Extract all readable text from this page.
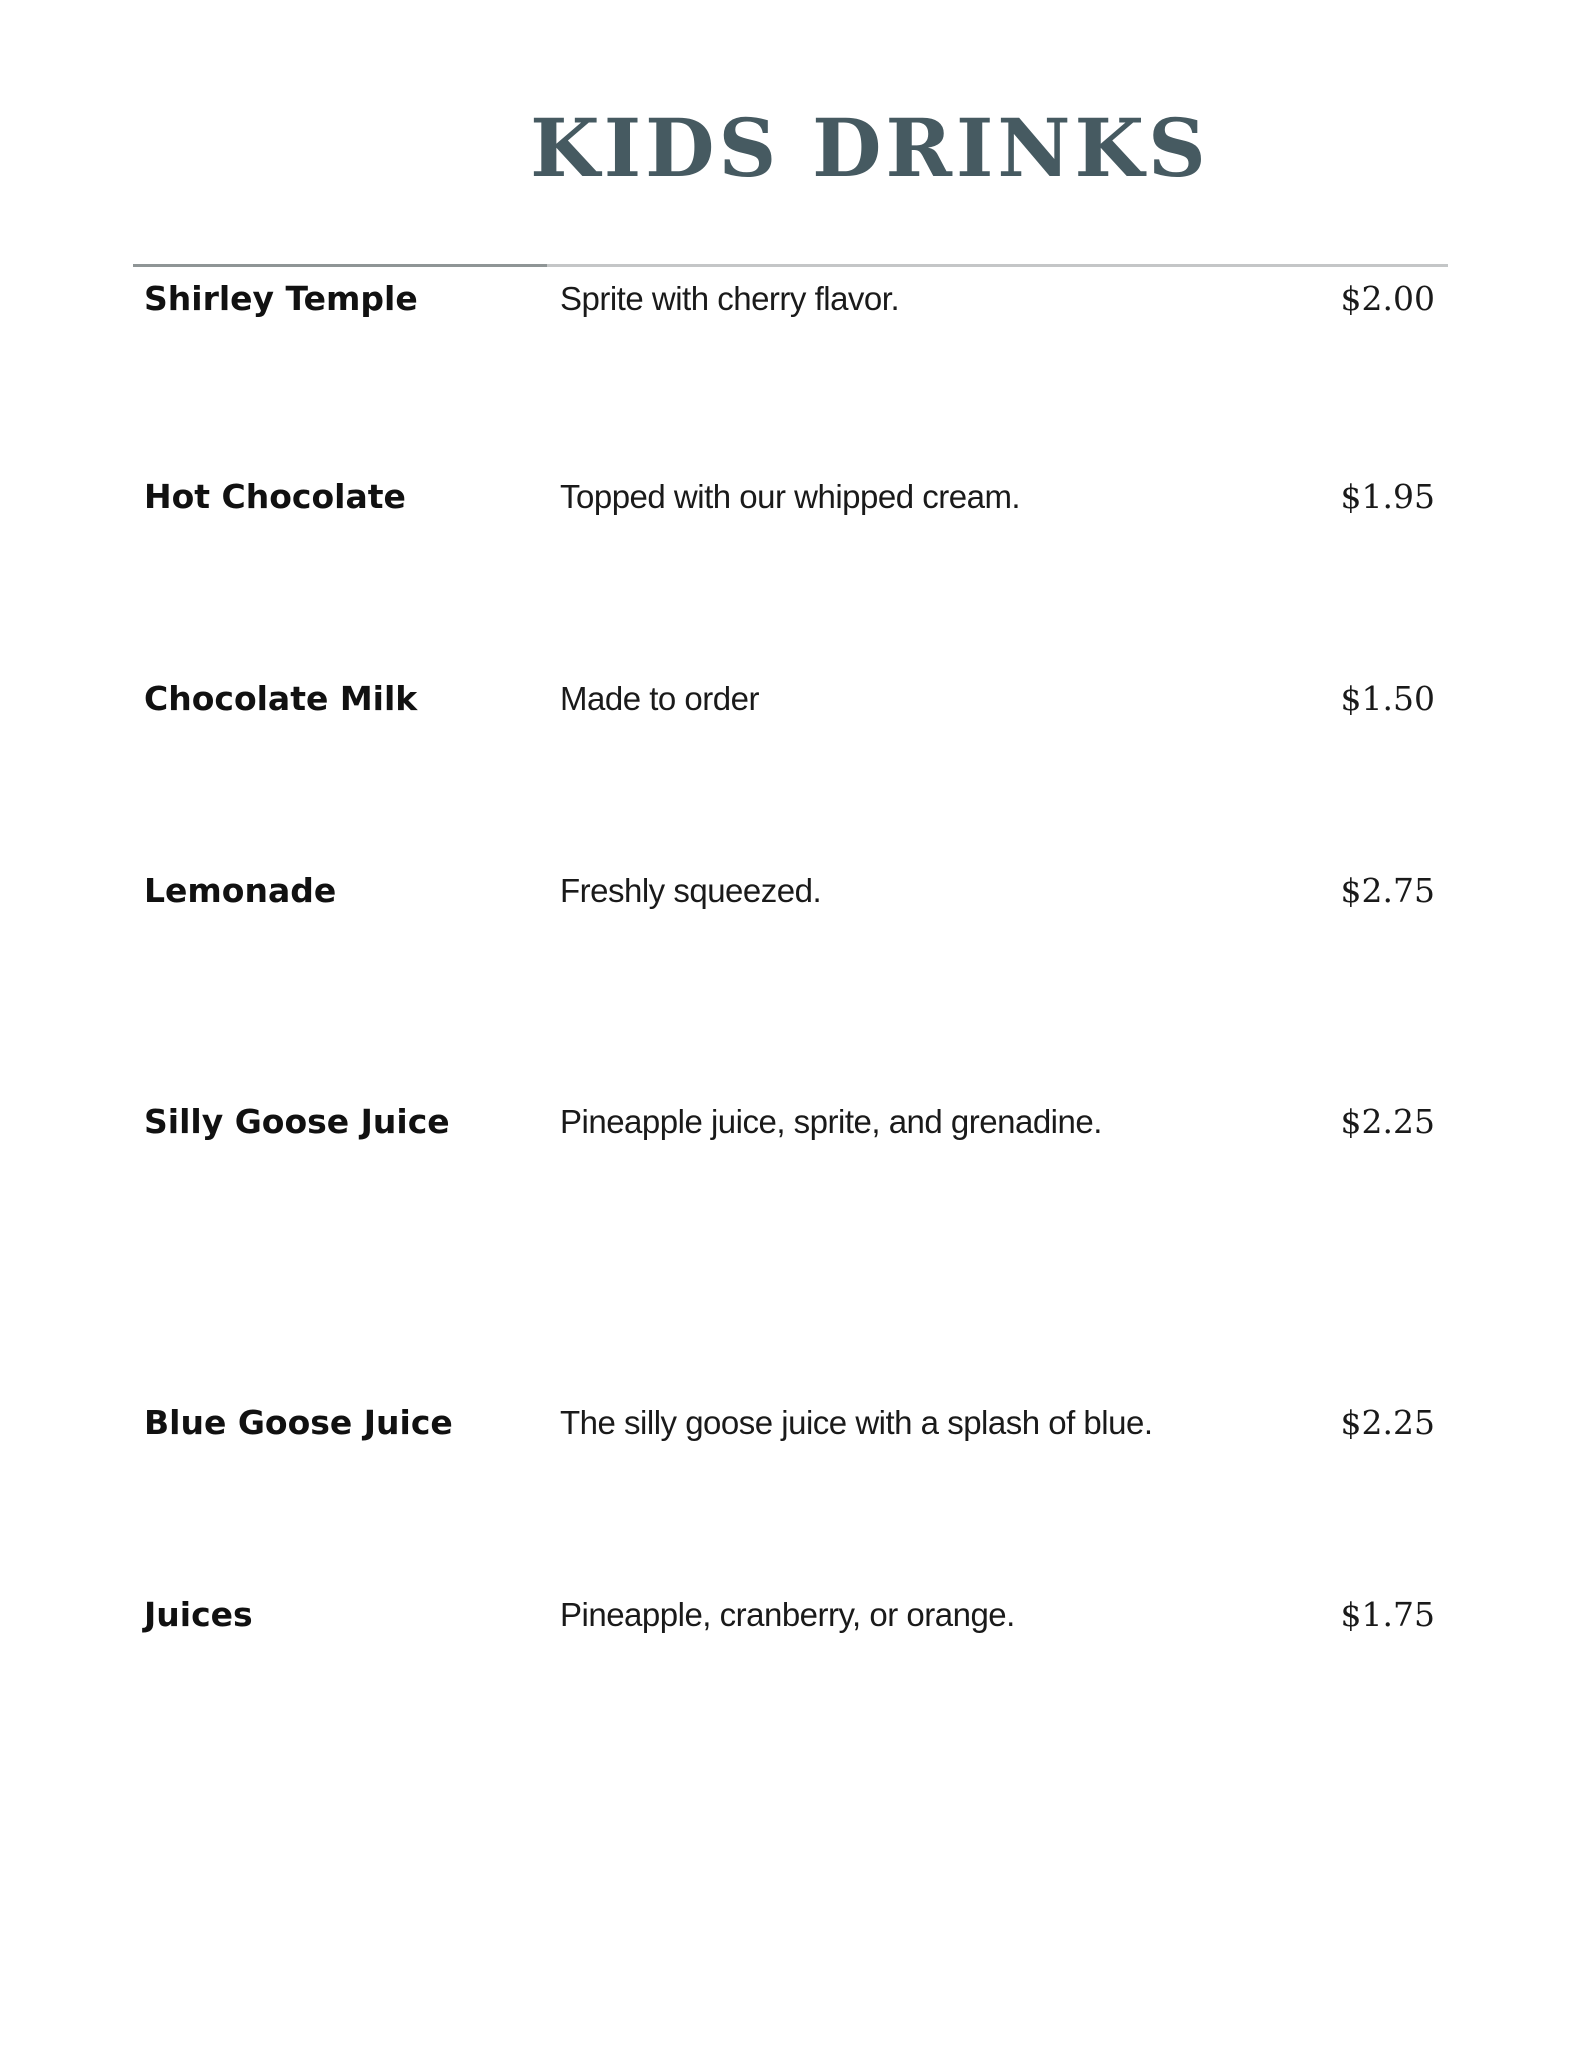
KIDS DRINKS
Shirley Temple	Sprite with cherry flavor.	$2.00
Hot Chocolate	Topped with our whipped cream.	$1.95
Chocolate Milk	Made to order	$1.50
Lemonade	Freshly squeezed.	$2.75
Silly Goose Juice	Pineapple juice, sprite, and grenadine.	$2.25
Blue Goose Juice	The silly goose juice with a splash of blue.	$2.25
Juices	Pineapple, cranberry, or orange.	$1.75
